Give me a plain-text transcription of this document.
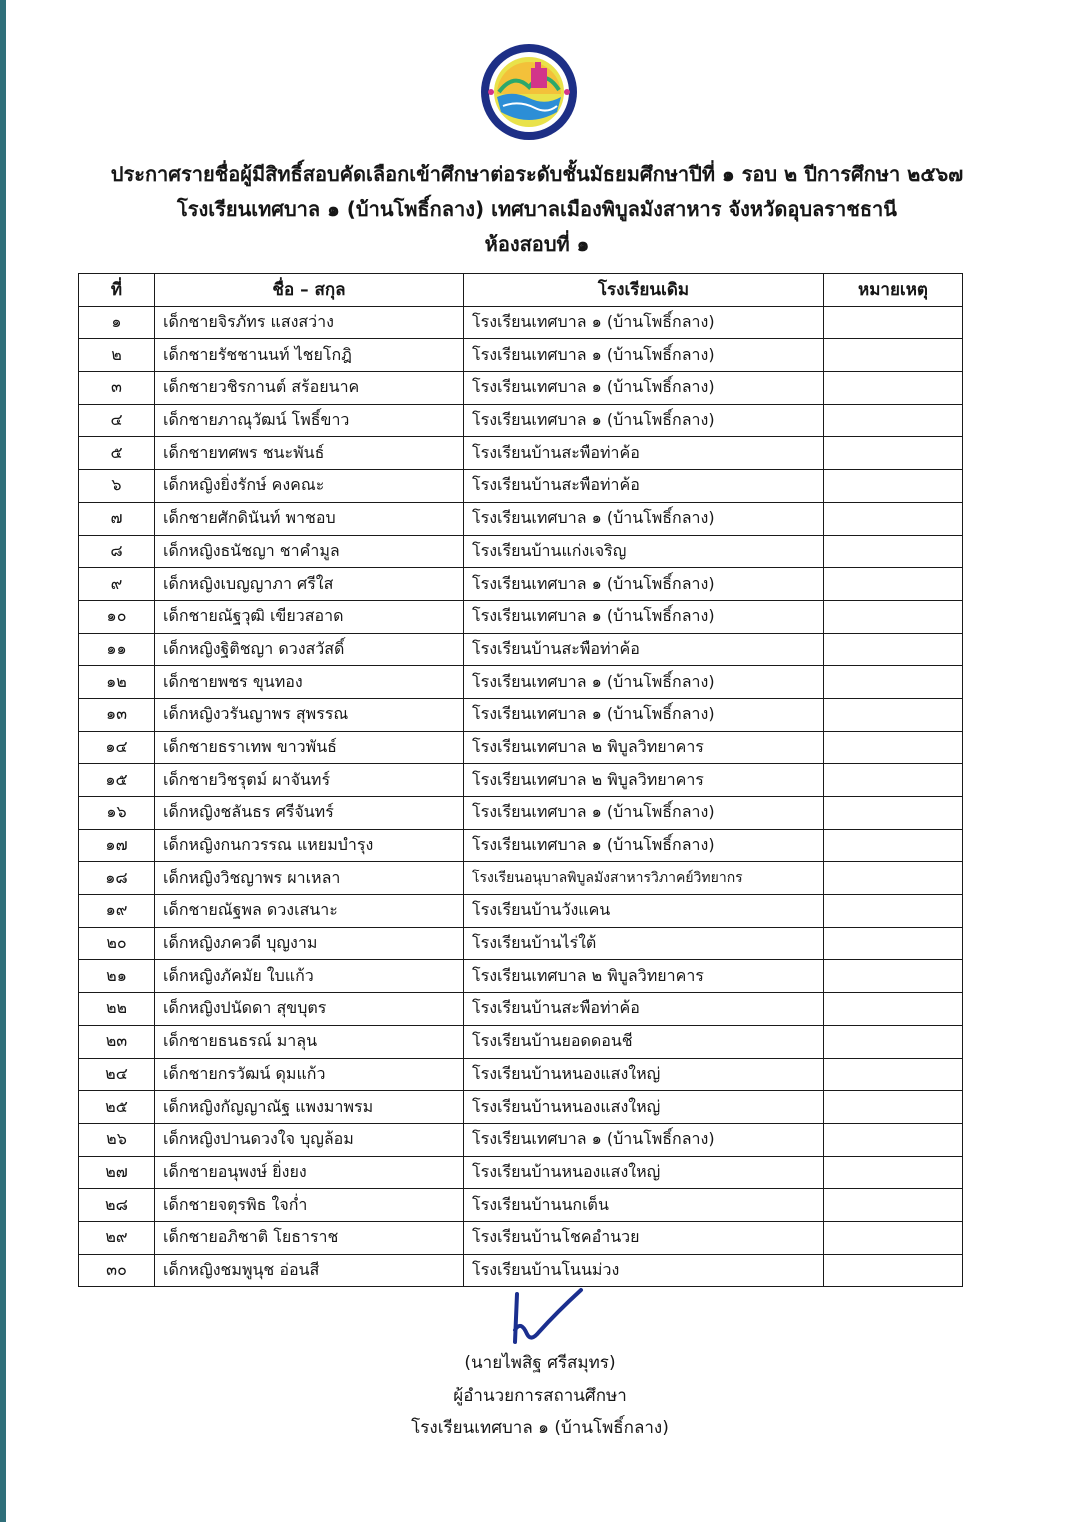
ประกาศรายชื่อผู้มีสิทธิ์สอบคัดเลือกเข้าศึกษาต่อระดับชั้นมัธยมศึกษาปีที่ ๑ รอบ ๒ ปีการศึกษา ๒๕๖๗
โรงเรียนเทศบาล ๑ (บ้านโพธิ์กลาง) เทศบาลเมืองพิบูลมังสาหาร จังหวัดอุบลราชธานี
ห้องสอบที่ ๑
ที่	ชื่อ – สกุล	โรงเรียนเดิม	หมายเหตุ
๑	เด็กชายจิรภัทร แสงสว่าง	โรงเรียนเทศบาล ๑ (บ้านโพธิ์กลาง)	
๒	เด็กชายรัชชานนท์ ไชยโกฎิ	โรงเรียนเทศบาล ๑ (บ้านโพธิ์กลาง)	
๓	เด็กชายวชิรกานต์ สร้อยนาค	โรงเรียนเทศบาล ๑ (บ้านโพธิ์กลาง)	
๔	เด็กชายภาณุวัฒน์ โพธิ์ขาว	โรงเรียนเทศบาล ๑ (บ้านโพธิ์กลาง)	
๕	เด็กชายทศพร ชนะพันธ์	โรงเรียนบ้านสะพือท่าค้อ	
๖	เด็กหญิงยิ่งรักษ์ คงคณะ	โรงเรียนบ้านสะพือท่าค้อ	
๗	เด็กชายศักดินันท์ พาชอบ	โรงเรียนเทศบาล ๑ (บ้านโพธิ์กลาง)	
๘	เด็กหญิงธนัชญา ชาคำมูล	โรงเรียนบ้านแก่งเจริญ	
๙	เด็กหญิงเบญญาภา ศรีใส	โรงเรียนเทศบาล ๑ (บ้านโพธิ์กลาง)	
๑๐	เด็กชายณัฐวุฒิ เขียวสอาด	โรงเรียนเทศบาล ๑ (บ้านโพธิ์กลาง)	
๑๑	เด็กหญิงฐิติชญา ดวงสวัสดิ์	โรงเรียนบ้านสะพือท่าค้อ	
๑๒	เด็กชายพชร ขุนทอง	โรงเรียนเทศบาล ๑ (บ้านโพธิ์กลาง)	
๑๓	เด็กหญิงวรันญาพร สุพรรณ	โรงเรียนเทศบาล ๑ (บ้านโพธิ์กลาง)	
๑๔	เด็กชายธราเทพ ขาวพันธ์	โรงเรียนเทศบาล ๒ พิบูลวิทยาคาร	
๑๕	เด็กชายวิชรุตม์ ผาจันทร์	โรงเรียนเทศบาล ๒ พิบูลวิทยาคาร	
๑๖	เด็กหญิงชลันธร ศรีจันทร์	โรงเรียนเทศบาล ๑ (บ้านโพธิ์กลาง)	
๑๗	เด็กหญิงกนกวรรณ แหยมบำรุง	โรงเรียนเทศบาล ๑ (บ้านโพธิ์กลาง)	
๑๘	เด็กหญิงวิชญาพร ผาเหลา	โรงเรียนอนุบาลพิบูลมังสาหารวิภาคย์วิทยากร	
๑๙	เด็กชายณัฐพล ดวงเสนาะ	โรงเรียนบ้านวังแคน	
๒๐	เด็กหญิงภควดี บุญงาม	โรงเรียนบ้านไร่ใต้	
๒๑	เด็กหญิงภัคมัย ใบแก้ว	โรงเรียนเทศบาล ๒ พิบูลวิทยาคาร	
๒๒	เด็กหญิงปนัดดา สุขบุตร	โรงเรียนบ้านสะพือท่าค้อ	
๒๓	เด็กชายธนธรณ์ มาลุน	โรงเรียนบ้านยอดดอนชี	
๒๔	เด็กชายกรวัฒน์ ดุมแก้ว	โรงเรียนบ้านหนองแสงใหญ่	
๒๕	เด็กหญิงกัญญาณัฐ แพงมาพรม	โรงเรียนบ้านหนองแสงใหญ่	
๒๖	เด็กหญิงปานดวงใจ บุญล้อม	โรงเรียนเทศบาล ๑ (บ้านโพธิ์กลาง)	
๒๗	เด็กชายอนุพงษ์ ยิ่งยง	โรงเรียนบ้านหนองแสงใหญ่	
๒๘	เด็กชายจตุรพิธ ใจก่ำ	โรงเรียนบ้านนกเต็น	
๒๙	เด็กชายอภิชาติ โยธาราช	โรงเรียนบ้านโชคอำนวย	
๓๐	เด็กหญิงชมพูนุช อ่อนสี	โรงเรียนบ้านโนนม่วง	
(นายไพสิฐ ศรีสมุทร)
ผู้อำนวยการสถานศึกษา
โรงเรียนเทศบาล ๑ (บ้านโพธิ์กลาง)
